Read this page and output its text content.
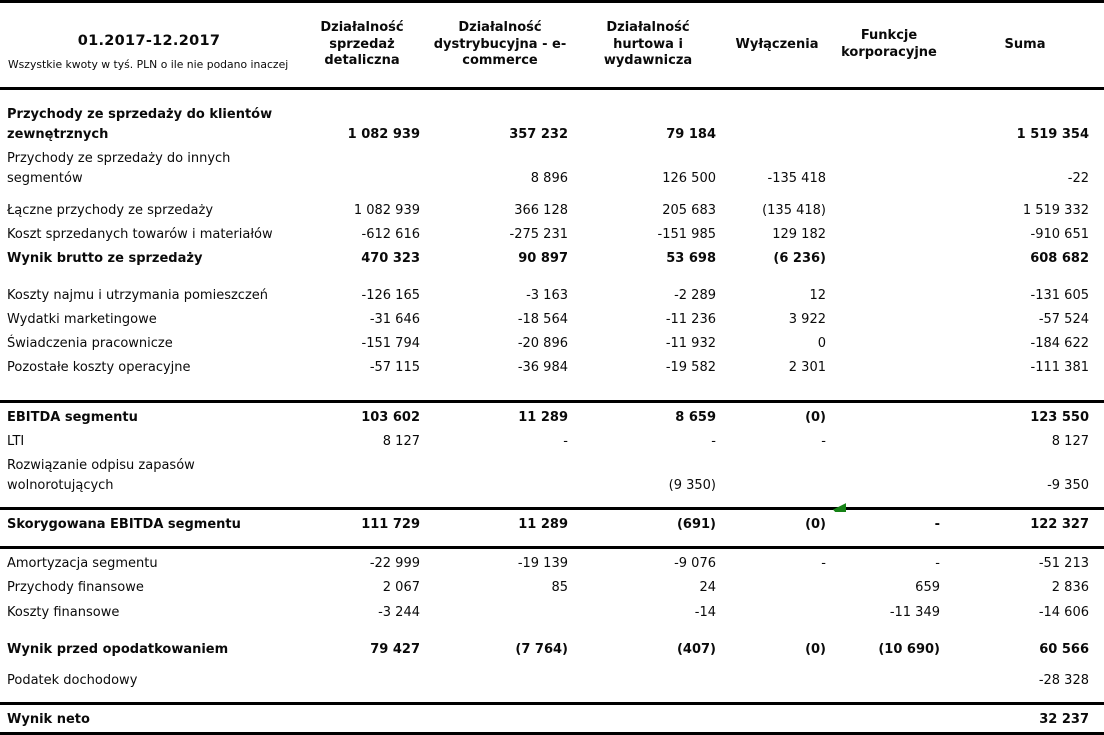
01.2017-12.2017
Wszystkie kwoty w tyś. PLN o ile nie podano inaczej	Działalność sprzedaż detaliczna	Działalność dystrybucyjna - e-commerce	Działalność hurtowa i wydawnicza	Wyłączenia	Funkcje korporacyjne	Suma
Przychody ze sprzedaży do klientów zewnętrznych	1 082 939	357 232	79 184			1 519 354
Przychody ze sprzedaży do innych segmentów		8 896	126 500	-135 418		-22
Łączne przychody ze sprzedaży	1 082 939	366 128	205 683	(135 418)		1 519 332
Koszt sprzedanych towarów i materiałów	-612 616	-275 231	-151 985	129 182		-910 651
Wynik brutto ze sprzedaży	470 323	90 897	53 698	(6 236)		608 682
Koszty najmu i utrzymania pomieszczeń	-126 165	-3 163	-2 289	12		-131 605
Wydatki marketingowe	-31 646	-18 564	-11 236	3 922		-57 524
Świadczenia pracownicze	-151 794	-20 896	-11 932	0		-184 622
Pozostałe koszty operacyjne	-57 115	-36 984	-19 582	2 301		-111 381
EBITDA segmentu	103 602	11 289	8 659	(0)		123 550
LTI	8 127	-	-	-		8 127
Rozwiązanie odpisu zapasów wolnorotujących			(9 350)			-9 350
Skorygowana EBITDA segmentu	111 729	11 289	(691)	(0)	-	122 327
Amortyzacja segmentu	-22 999	-19 139	-9 076	-	-	-51 213
Przychody finansowe	2 067	85	24		659	2 836
Koszty finansowe	-3 244		-14		-11 349	-14 606
Wynik przed opodatkowaniem	79 427	(7 764)	(407)	(0)	(10 690)	60 566
Podatek dochodowy						-28 328
Wynik neto						32 237
